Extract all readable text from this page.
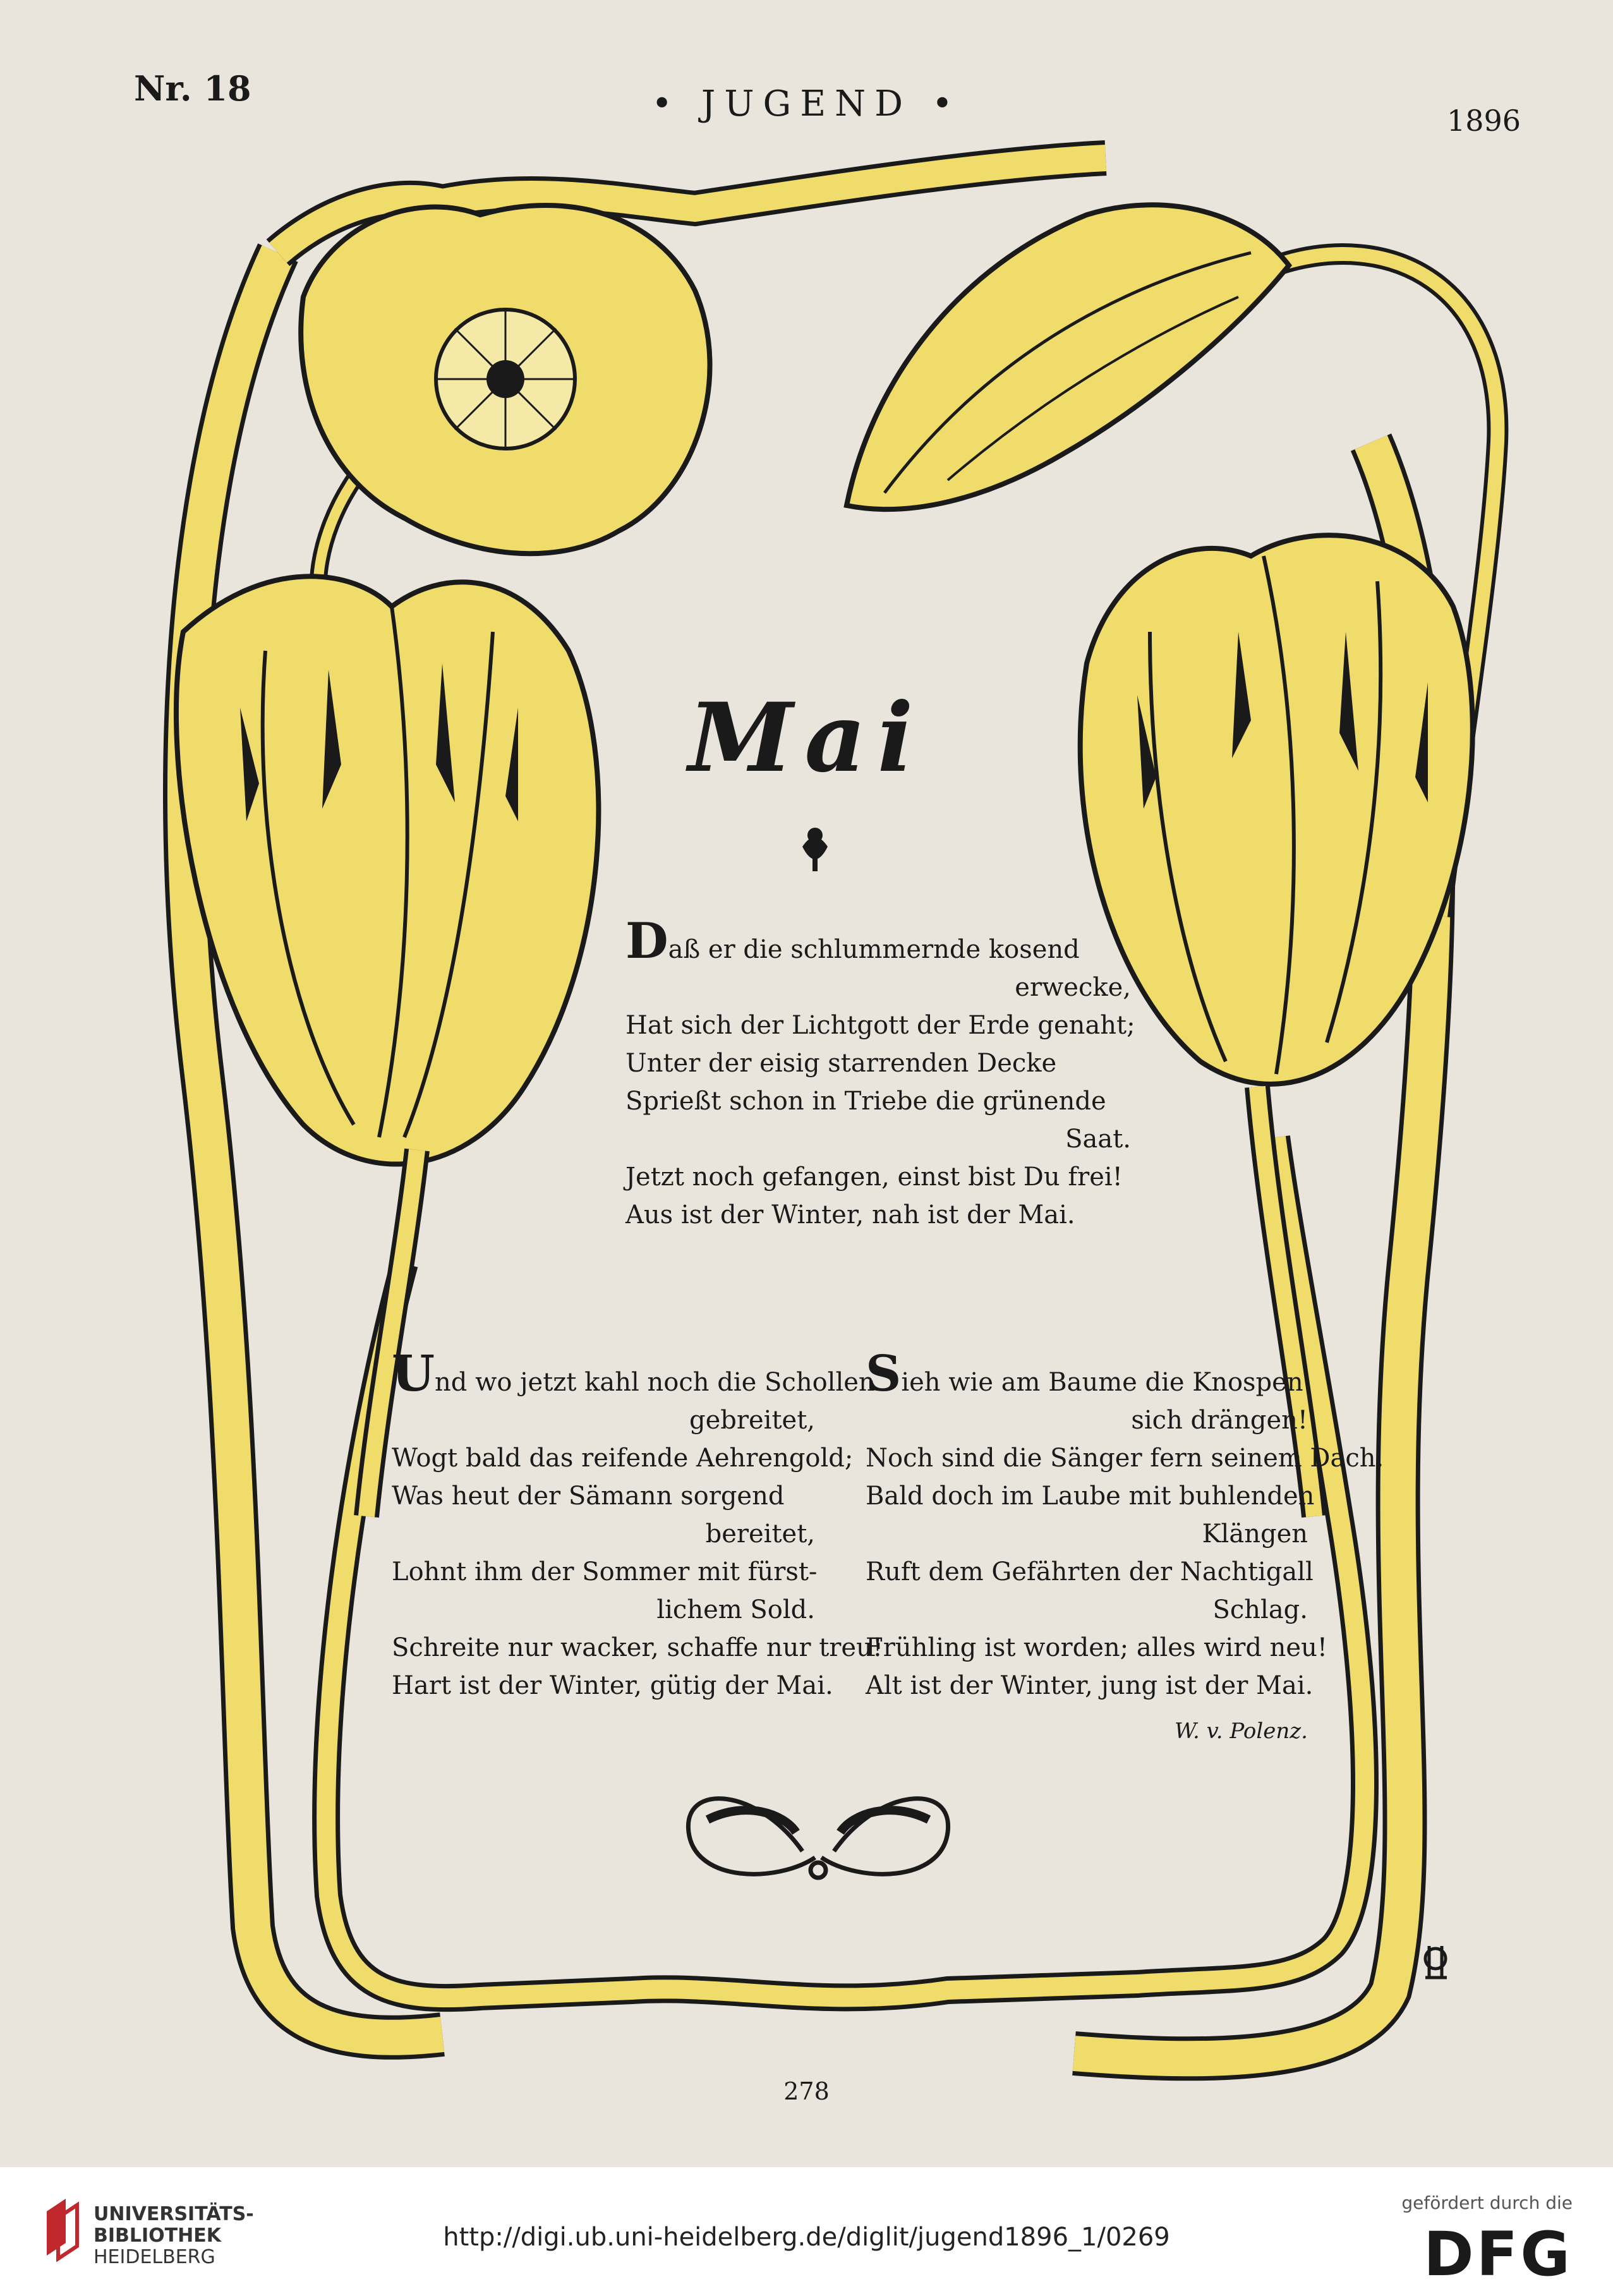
Nr. 18	• JUGEND •	1896
Mai
Daß er die schlummernde kosend
erwecke,
Hat sich der Lichtgott der Erde genaht;
Unter der eisig starrenden Decke
Sprießt schon in Triebe die grünende
Saat.
Jetzt noch gefangen, einst bist Du frei!
Aus ist der Winter, nah ist der Mai.
Und wo jetzt kahl noch die Schollen
gebreitet,
Wogt bald das reifende Aehrengold;
Was heut der Sämann sorgend
bereitet,
Lohnt ihm der Sommer mit fürst-
lichem Sold.
Schreite nur wacker, schaffe nur treu!
Hart ist der Winter, gütig der Mai.
Sieh wie am Baume die Knospen
sich drängen!
Noch sind die Sänger fern seinem Dach.
Bald doch im Laube mit buhlenden
Klängen
Ruft dem Gefährten der Nachtigall
Schlag.
Frühling ist worden; alles wird neu!
Alt ist der Winter, jung ist der Mai.
W. v. Polenz.
278
UNIVERSITÄTS-
BIBLIOTHEK
HEIDELBERG
http://digi.ub.uni-heidelberg.de/diglit/jugend1896_1/0269
gefördert durch die
DFG
